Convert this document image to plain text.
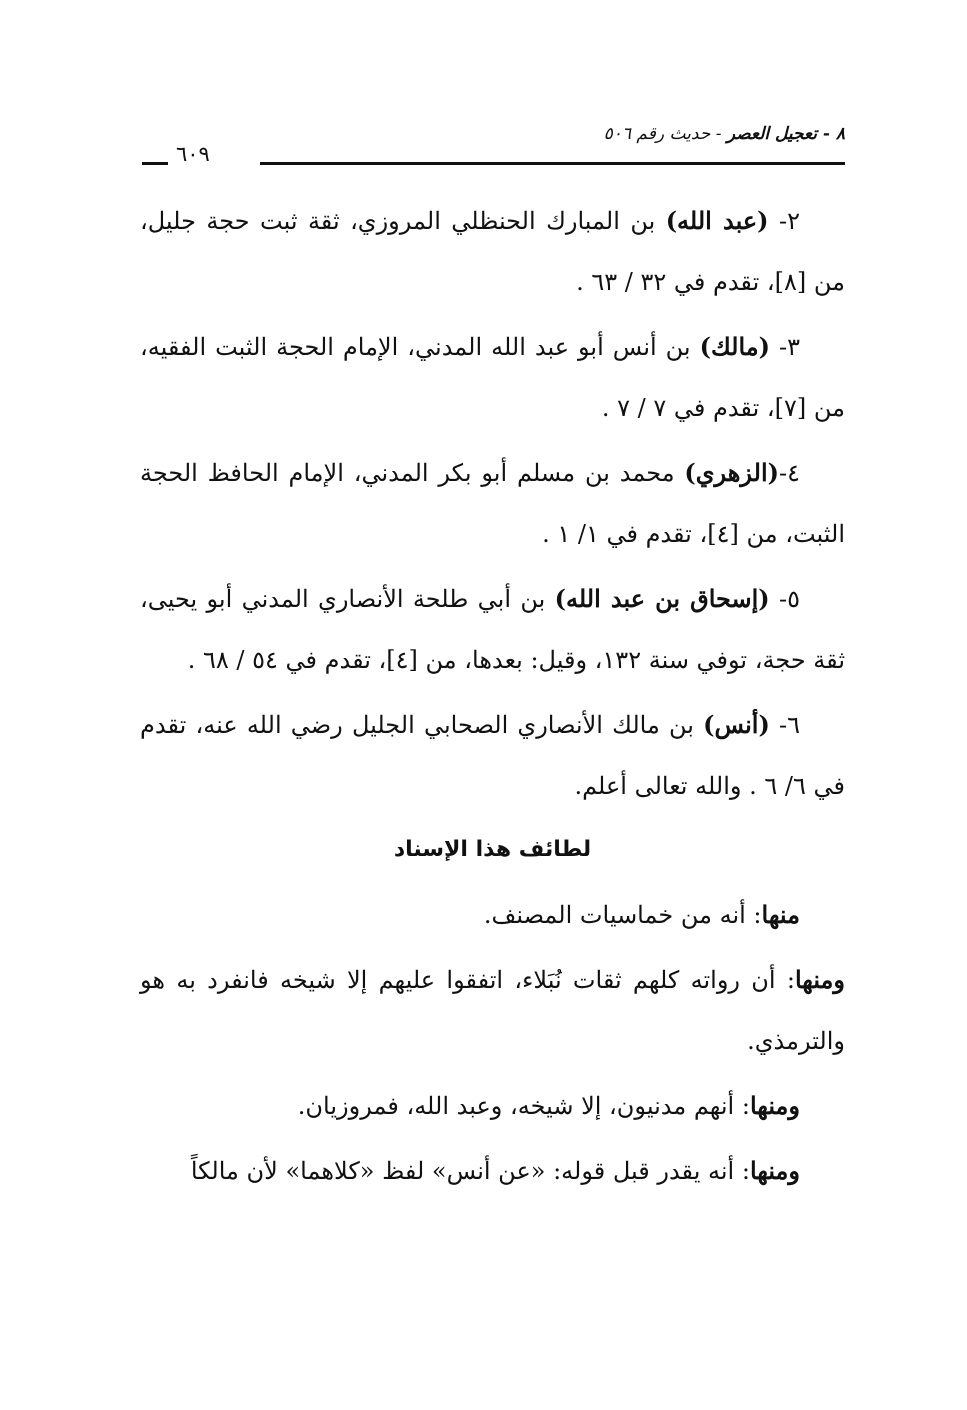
٨ - تعجيل العصر - حديث رقم ٥٠٦
٦٠٩

٢- (عبد الله) بن المبارك الحنظلي المروزي، ثقة ثبت حجة جليل، من [٨]، تقدم في ٣٢ / ٦٣ .

٣- (مالك) بن أنس أبو عبد الله المدني، الإمام الحجة الثبت الفقيه، من [٧]، تقدم في ٧ / ٧ .

٤-(الزهري) محمد بن مسلم أبو بكر المدني، الإمام الحافظ الحجة الثبت، من [٤]، تقدم في ١/ ١ .

٥- (إسحاق بن عبد الله) بن أبي طلحة الأنصاري المدني أبو يحيى، ثقة حجة، توفي سنة ١٣٢، وقيل: بعدها، من [٤]، تقدم في ٥٤ / ٦٨ .

٦- (أنس) بن مالك الأنصاري الصحابي الجليل رضي الله عنه، تقدم في ٦/ ٦ . والله تعالى أعلم.

لطائف هذا الإسناد

منها: أنه من خماسيات المصنف.

ومنها: أن رواته كلهم ثقات نُبَلاء، اتفقوا عليهم إلا شيخه فانفرد به هو والترمذي.

ومنها: أنهم مدنيون، إلا شيخه، وعبد الله، فمروزيان.

ومنها: أنه يقدر قبل قوله: «عن أنس» لفظ «كلاهما» لأن مالكاً
